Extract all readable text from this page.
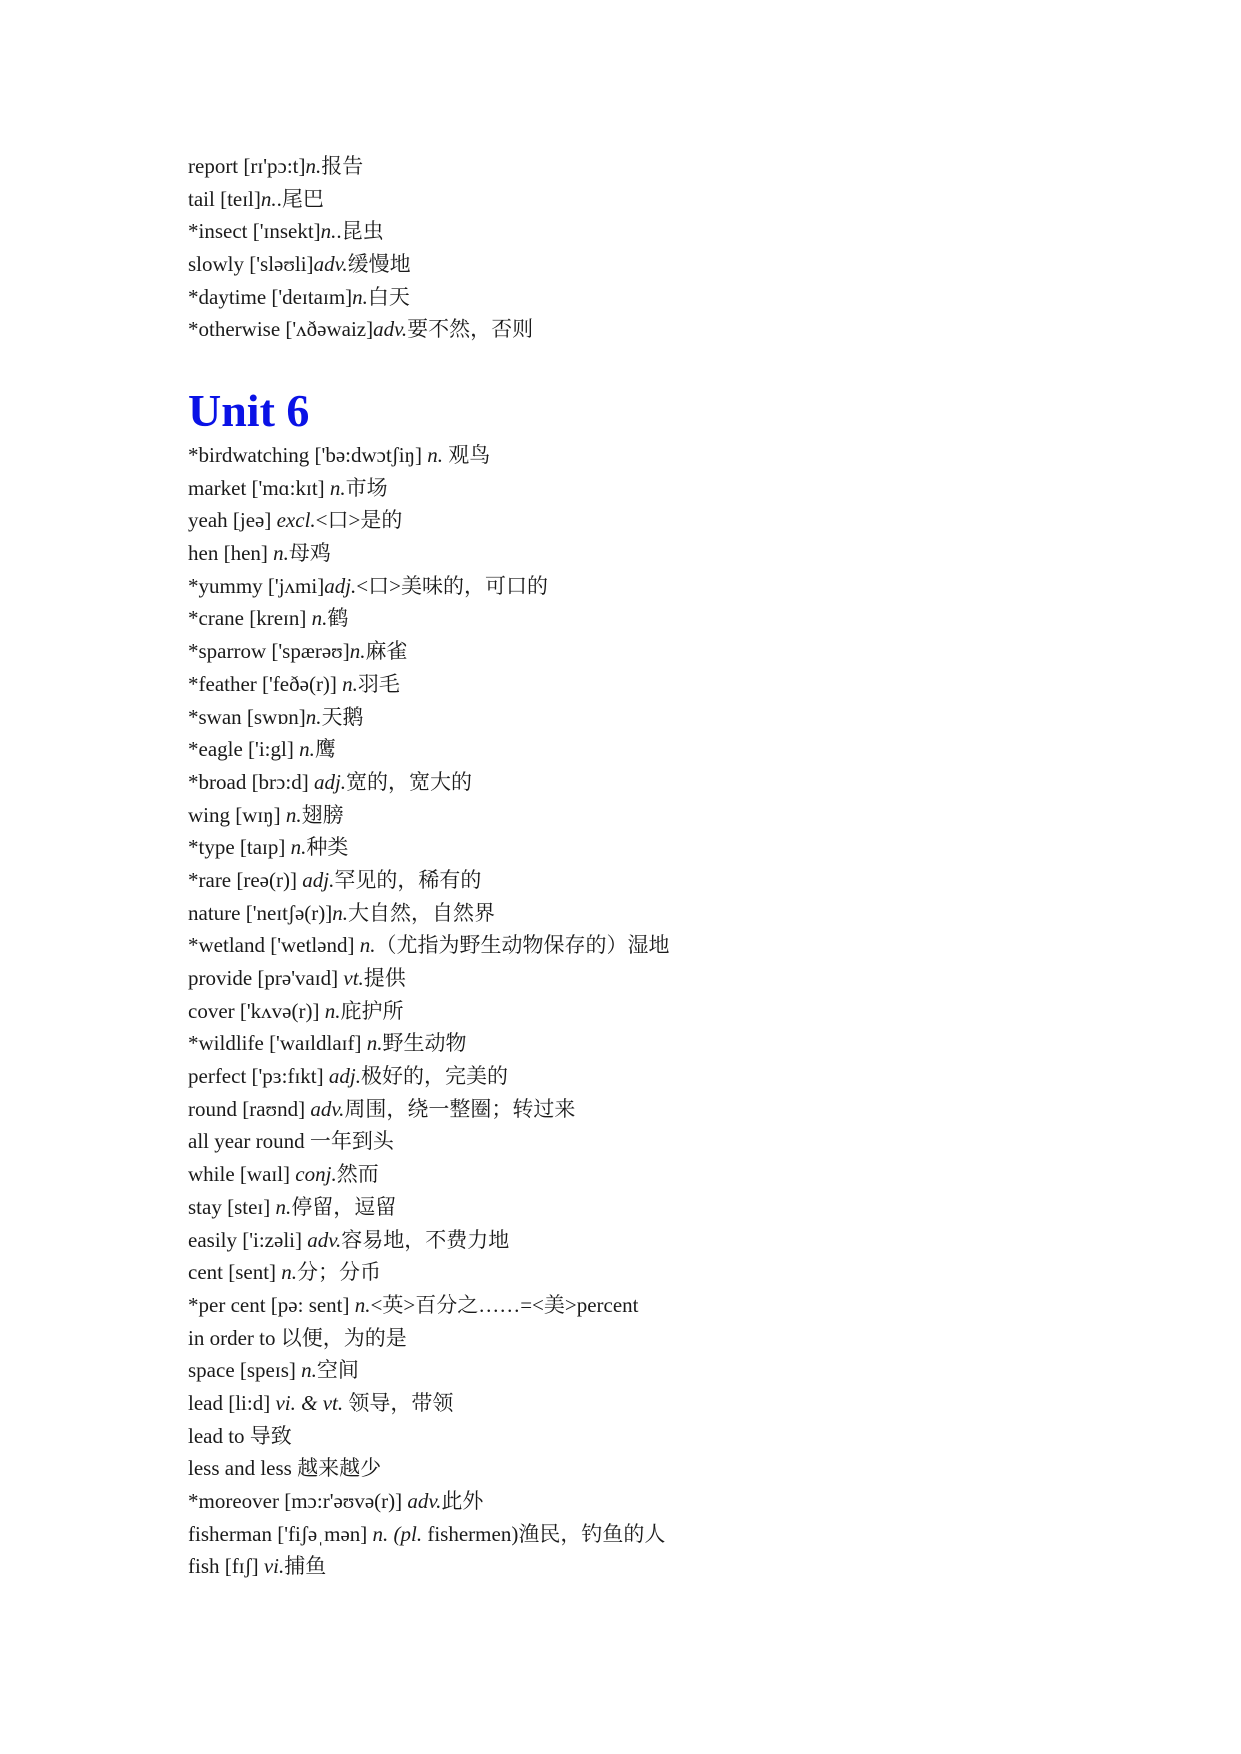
report [rɪ'pɔ:t]n.报告
tail [teɪl]n..尾巴
*insect ['ɪnsekt]n..昆虫
slowly ['sləʊli]adv.缓慢地
*daytime ['deɪtaɪm]n.白天
*otherwise ['ʌðəwaiz]adv.要不然，否则
Unit 6
*birdwatching ['bə:dwɔtʃiŋ] n. 观鸟
market ['mɑ:kɪt] n.市场
yeah [jeə] excl.<口>是的
hen [hen] n.母鸡
*yummy ['jʌmi]adj.<口>美味的，可口的
*crane [kreɪn] n.鹤
*sparrow ['spærəʊ]n.麻雀
*feather ['feðə(r)] n.羽毛
*swan [swɒn]n.天鹅
*eagle ['i:gl] n.鹰
*broad [brɔ:d] adj.宽的，宽大的
wing [wɪŋ] n.翅膀
*type [taɪp] n.种类
*rare [reə(r)] adj.罕见的，稀有的
nature ['neɪtʃə(r)]n.大自然，自然界
*wetland ['wetlənd] n.（尤指为野生动物保存的）湿地
provide [prə'vaɪd] vt.提供
cover ['kʌvə(r)] n.庇护所
*wildlife ['waɪldlaɪf] n.野生动物
perfect ['pɜ:fɪkt] adj.极好的，完美的
round [raʊnd] adv.周围，绕一整圈；转过来
all year round 一年到头
while [waɪl] conj.然而
stay [steɪ] n.停留，逗留
easily ['i:zəli] adv.容易地，不费力地
cent [sent] n.分；分币
*per cent [pə: sent] n.<英>百分之……=<美>percent
in order to 以便，为的是
space [speɪs] n.空间
lead [li:d] vi. & vt. 领导，带领
lead to 导致
less and less 越来越少
*moreover [mɔ:r'əʊvə(r)] adv.此外
fisherman ['fiʃəˌmən] n. (pl. fishermen)渔民，钓鱼的人
fish [fɪʃ] vi.捕鱼
